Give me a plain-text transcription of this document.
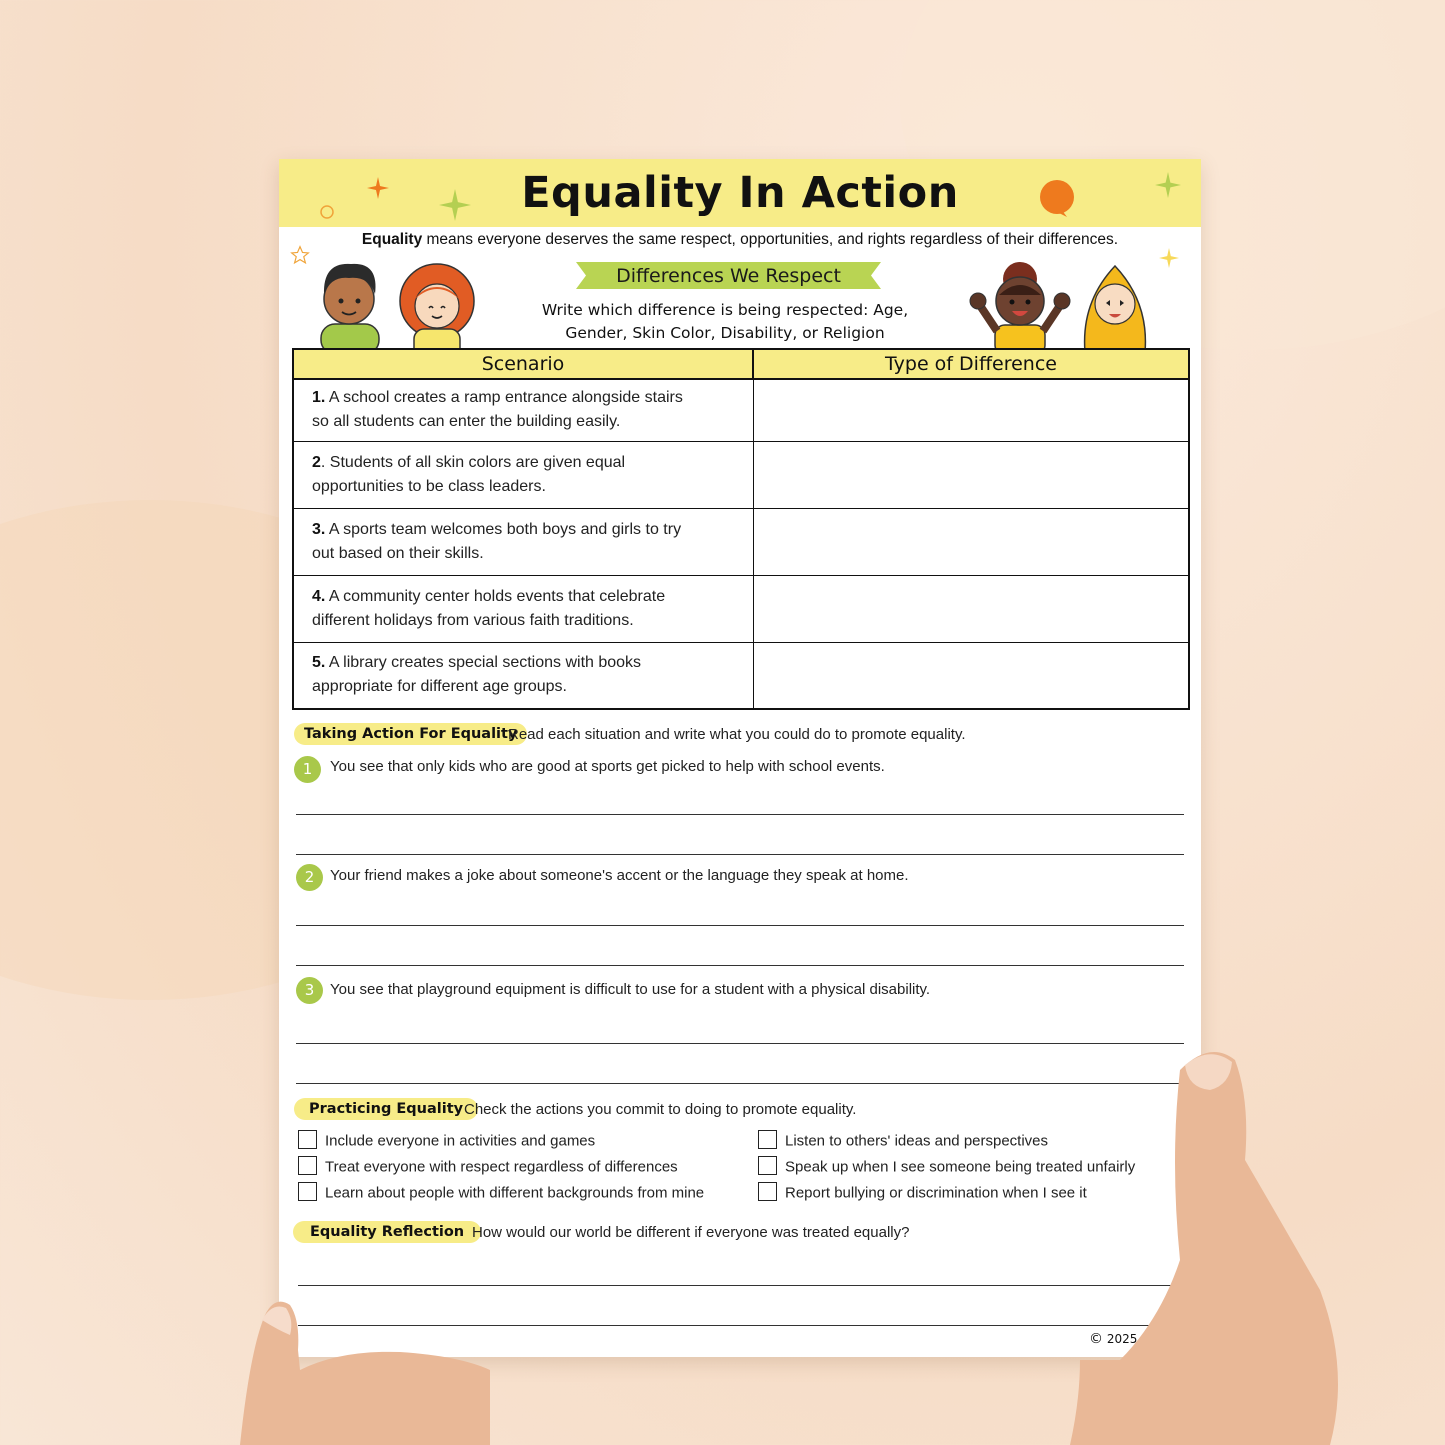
Equality In Action
Equality means everyone deserves the same respect, opportunities, and rights regardless of their differences.
Differences We Respect
Write which difference is being respected: Age,
Gender, Skin Color, Disability, or Religion
Scenario	Type of Difference
1. A school creates a ramp entrance alongside stairs
so all students can enter the building easily.	
2. Students of all skin colors are given equal
opportunities to be class leaders.	
3. A sports team welcomes both boys and girls to try
out based on their skills.	
4. A community center holds events that celebrate
different holidays from various faith traditions.	
5. A library creates special sections with books
appropriate for different age groups.	
Taking Action For Equality
Read each situation and write what you could do to promote equality.
1	You see that only kids who are good at sports get picked to help with school events.
2	Your friend makes a joke about someone's accent or the language they speak at home.
3	You see that playground equipment is difficult to use for a student with a physical disability.
Practicing Equality Check the actions you commit to doing to promote equality.
Include everyone in activities and games
Treat everyone with respect regardless of differences
Learn about people with different backgrounds from mine
Listen to others' ideas and perspectives
Speak up when I see someone being treated unfairly
Report bullying or discrimination when I see it
Equality Reflection How would our world be different if everyone was treated equally?
© 2025
